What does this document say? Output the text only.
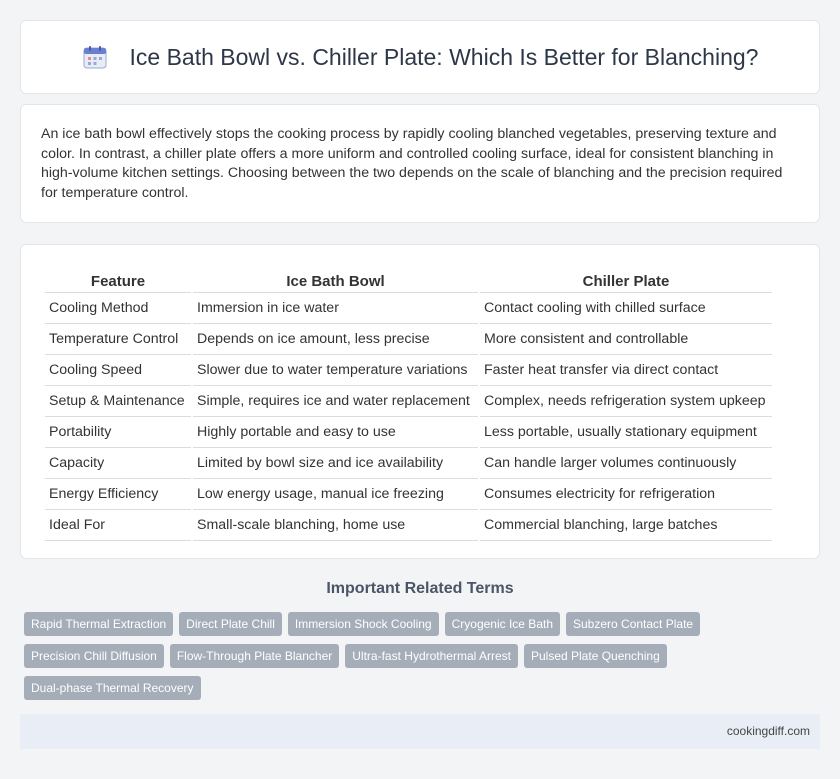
Ice Bath Bowl vs. Chiller Plate: Which Is Better for Blanching?

An ice bath bowl effectively stops the cooking process by rapidly cooling blanched vegetables, preserving texture and color. In contrast, a chiller plate offers a more uniform and controlled cooling surface, ideal for consistent blanching in high-volume kitchen settings. Choosing between the two depends on the scale of blanching and the precision required for temperature control.

Feature	Ice Bath Bowl	Chiller Plate
Cooling Method	Immersion in ice water	Contact cooling with chilled surface
Temperature Control	Depends on ice amount, less precise	More consistent and controllable
Cooling Speed	Slower due to water temperature variations	Faster heat transfer via direct contact
Setup & Maintenance	Simple, requires ice and water replacement	Complex, needs refrigeration system upkeep
Portability	Highly portable and easy to use	Less portable, usually stationary equipment
Capacity	Limited by bowl size and ice availability	Can handle larger volumes continuously
Energy Efficiency	Low energy usage, manual ice freezing	Consumes electricity for refrigeration
Ideal For	Small-scale blanching, home use	Commercial blanching, large batches
Important Related Terms
Rapid Thermal Extraction	Direct Plate Chill	Immersion Shock Cooling	Cryogenic Ice Bath	Subzero Contact Plate
Precision Chill Diffusion	Flow-Through Plate Blancher	Ultra-fast Hydrothermal Arrest	Pulsed Plate Quenching
Dual-phase Thermal Recovery
cookingdiff.com
